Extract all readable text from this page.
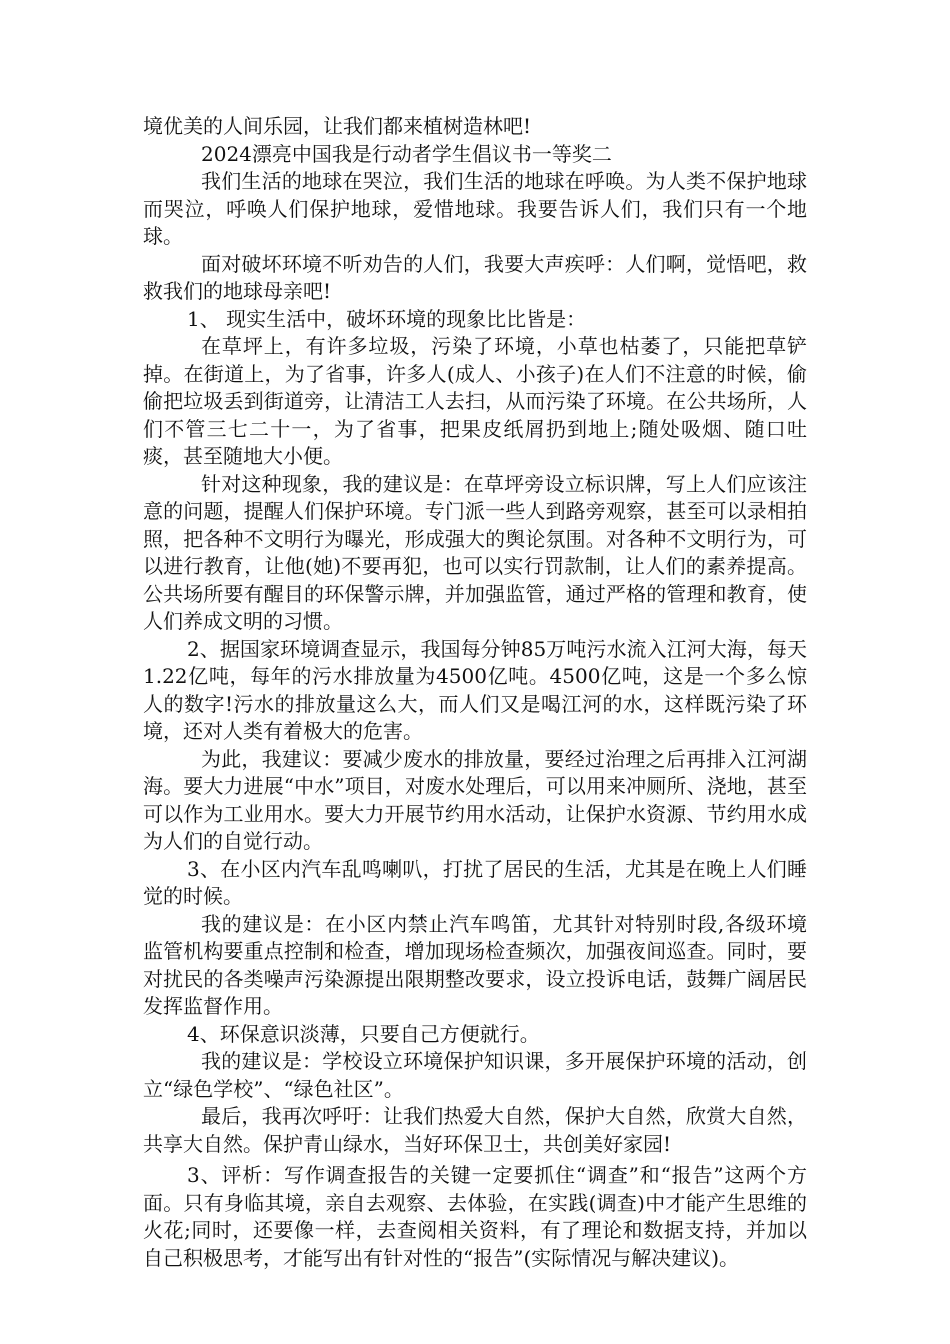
境优美的人间乐园，让我们都来植树造林吧!

2024漂亮中国我是行动者学生倡议书一等奖二

我们生活的地球在哭泣，我们生活的地球在呼唤。为人类不保护地球而哭泣，呼唤人们保护地球，爱惜地球。我要告诉人们，我们只有一个地球。

面对破坏环境不听劝告的人们，我要大声疾呼：人们啊，觉悟吧，救救我们的地球母亲吧!

1、 现实生活中，破坏环境的现象比比皆是：

在草坪上，有许多垃圾，污染了环境，小草也枯萎了，只能把草铲掉。在街道上，为了省事，许多人(成人、小孩子)在人们不注意的时候，偷偷把垃圾丢到街道旁，让清洁工人去扫，从而污染了环境。在公共场所，人们不管三七二十一，为了省事，把果皮纸屑扔到地上;随处吸烟、随口吐痰，甚至随地大小便。

针对这种现象，我的建议是：在草坪旁设立标识牌，写上人们应该注意的问题，提醒人们保护环境。专门派一些人到路旁观察，甚至可以录相拍照，把各种不文明行为曝光，形成强大的舆论氛围。对各种不文明行为，可以进行教育，让他(她)不要再犯，也可以实行罚款制，让人们的素养提高。公共场所要有醒目的环保警示牌，并加强监管，通过严格的管理和教育，使人们养成文明的习惯。

2、据国家环境调查显示，我国每分钟85万吨污水流入江河大海，每天1.22亿吨，每年的污水排放量为4500亿吨。4500亿吨，这是一个多么惊人的数字!污水的排放量这么大，而人们又是喝江河的水，这样既污染了环境，还对人类有着极大的危害。

为此，我建议：要减少废水的排放量，要经过治理之后再排入江河湖海。要大力进展“中水”项目，对废水处理后，可以用来冲厕所、浇地，甚至可以作为工业用水。要大力开展节约用水活动，让保护水资源、节约用水成为人们的自觉行动。

3、在小区内汽车乱鸣喇叭，打扰了居民的生活，尤其是在晚上人们睡觉的时候。

我的建议是：在小区内禁止汽车鸣笛，尤其针对特别时段,各级环境监管机构要重点控制和检查，增加现场检查频次，加强夜间巡查。同时，要对扰民的各类噪声污染源提出限期整改要求，设立投诉电话，鼓舞广阔居民发挥监督作用。

4、环保意识淡薄，只要自己方便就行。

我的建议是：学校设立环境保护知识课，多开展保护环境的活动，创立“绿色学校”、“绿色社区”。

最后，我再次呼吁：让我们热爱大自然，保护大自然，欣赏大自然，共享大自然。保护青山绿水，当好环保卫士，共创美好家园!

3、评析：写作调查报告的关键一定要抓住“调查”和“报告”这两个方面。只有身临其境，亲自去观察、去体验，在实践(调查)中才能产生思维的火花;同时，还要像一样，去查阅相关资料，有了理论和数据支持，并加以自己积极思考，才能写出有针对性的“报告”(实际情况与解决建议)。
